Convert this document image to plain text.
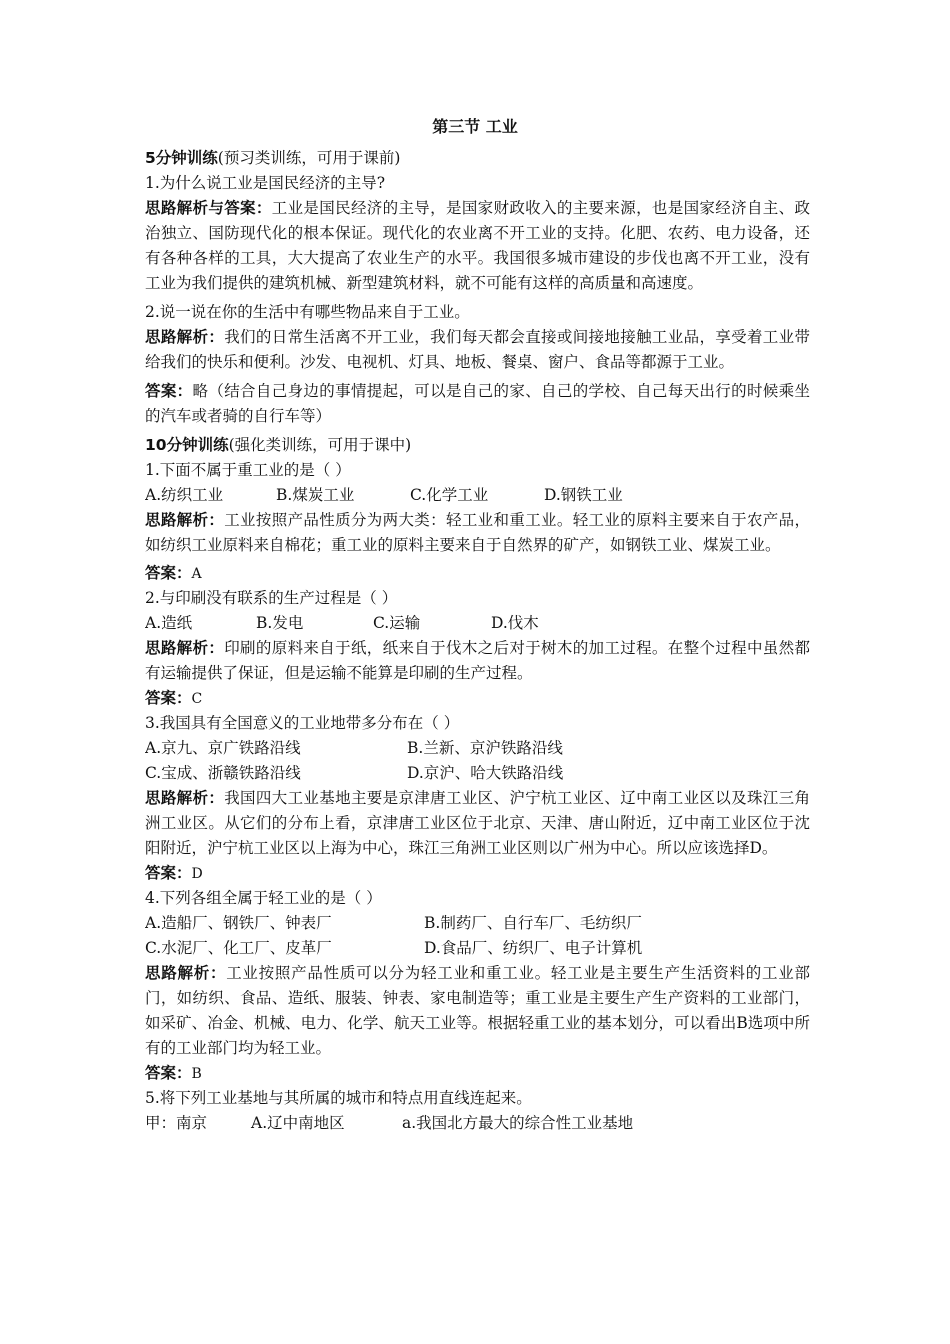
第三节 工业
5分钟训练(预习类训练，可用于课前)
1.为什么说工业是国民经济的主导?
思路解析与答案：工业是国民经济的主导，是国家财政收入的主要来源，也是国家经济自主、政治独立、国防现代化的根本保证。现代化的农业离不开工业的支持。化肥、农药、电力设备，还有各种各样的工具，大大提高了农业生产的水平。我国很多城市建设的步伐也离不开工业，没有工业为我们提供的建筑机械、新型建筑材料，就不可能有这样的高质量和高速度。
2.说一说在你的生活中有哪些物品来自于工业。
思路解析：我们的日常生活离不开工业，我们每天都会直接或间接地接触工业品，享受着工业带给我们的快乐和便利。沙发、电视机、灯具、地板、餐桌、窗户、食品等都源于工业。
答案：略（结合自己身边的事情提起，可以是自己的家、自己的学校、自己每天出行的时候乘坐的汽车或者骑的自行车等）
10分钟训练(强化类训练，可用于课中)
1.下面不属于重工业的是（ ）
A.纺织工业	B.煤炭工业	C.化学工业	D.钢铁工业
思路解析：工业按照产品性质分为两大类：轻工业和重工业。轻工业的原料主要来自于农产品，如纺织工业原料来自棉花；重工业的原料主要来自于自然界的矿产，如钢铁工业、煤炭工业。
答案：A
2.与印刷没有联系的生产过程是（ ）
A.造纸	B.发电	C.运输	D.伐木
思路解析：印刷的原料来自于纸，纸来自于伐木之后对于树木的加工过程。在整个过程中虽然都有运输提供了保证，但是运输不能算是印刷的生产过程。
答案：C
3.我国具有全国意义的工业地带多分布在（ ）
A.京九、京广铁路沿线	B.兰新、京沪铁路沿线
C.宝成、浙赣铁路沿线	D.京沪、哈大铁路沿线
思路解析：我国四大工业基地主要是京津唐工业区、沪宁杭工业区、辽中南工业区以及珠江三角洲工业区。从它们的分布上看，京津唐工业区位于北京、天津、唐山附近，辽中南工业区位于沈阳附近，沪宁杭工业区以上海为中心，珠江三角洲工业区则以广州为中心。所以应该选择D。
答案：D
4.下列各组全属于轻工业的是（ ）
A.造船厂、钢铁厂、钟表厂	B.制药厂、自行车厂、毛纺织厂
C.水泥厂、化工厂、皮革厂	D.食品厂、纺织厂、电子计算机
思路解析：工业按照产品性质可以分为轻工业和重工业。轻工业是主要生产生活资料的工业部门，如纺织、食品、造纸、服装、钟表、家电制造等；重工业是主要生产生产资料的工业部门，如采矿、冶金、机械、电力、化学、航天工业等。根据轻重工业的基本划分，可以看出B选项中所有的工业部门均为轻工业。
答案：B
5.将下列工业基地与其所属的城市和特点用直线连起来。
甲：南京	A.辽中南地区	a.我国北方最大的综合性工业基地
